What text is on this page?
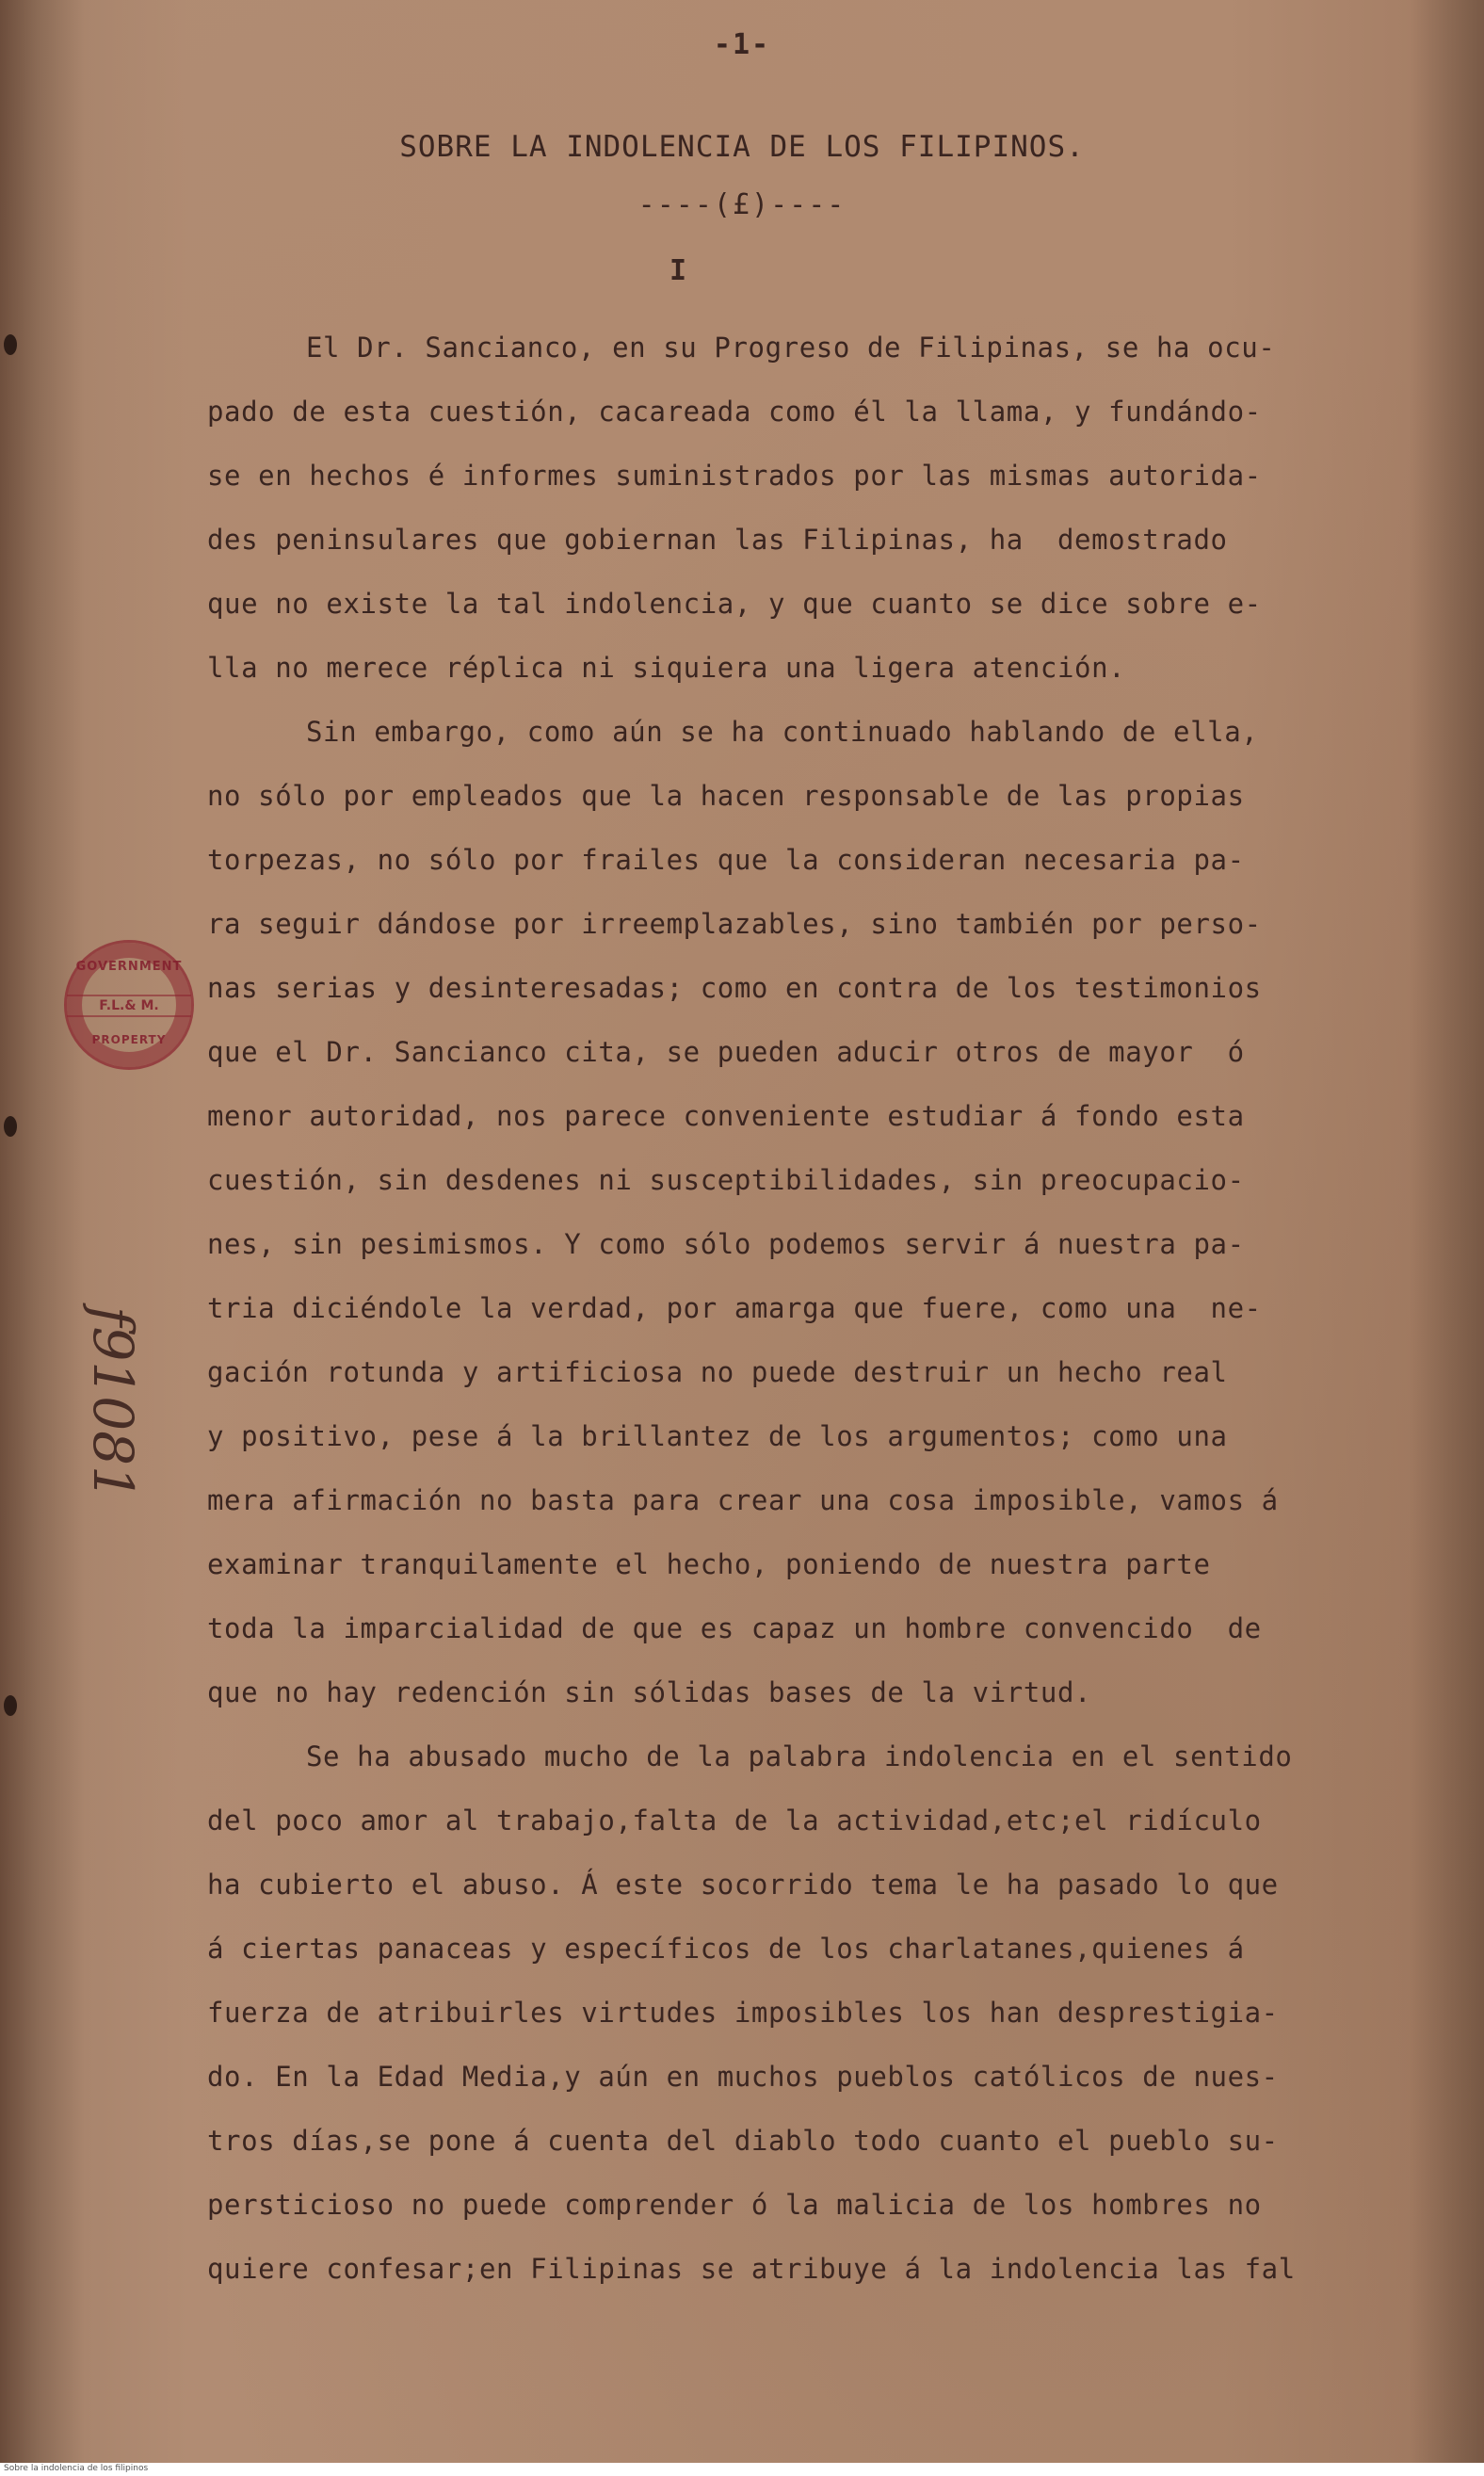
-1-
SOBRE LA INDOLENCIA DE LOS FILIPINOS.
----(£)----
I
El Dr. Sancianco, en su Progreso de Filipinas, se ha ocu-
pado de esta cuestión, cacareada como él la llama, y fundándo-
se en hechos é informes suministrados por las mismas autorida-
des peninsulares que gobiernan las Filipinas, ha  demostrado
que no existe la tal indolencia, y que cuanto se dice sobre e-
lla no merece réplica ni siquiera una ligera atención.
Sin embargo, como aún se ha continuado hablando de ella,
no sólo por empleados que la hacen responsable de las propias
torpezas, no sólo por frailes que la consideran necesaria pa-
ra seguir dándose por irreemplazables, sino también por perso-
nas serias y desinteresadas; como en contra de los testimonios
que el Dr. Sancianco cita, se pueden aducir otros de mayor  ó
menor autoridad, nos parece conveniente estudiar á fondo esta
cuestión, sin desdenes ni susceptibilidades, sin preocupacio-
nes, sin pesimismos. Y como sólo podemos servir á nuestra pa-
tria diciéndole la verdad, por amarga que fuere, como una  ne-
gación rotunda y artificiosa no puede destruir un hecho real
y positivo, pese á la brillantez de los argumentos; como una
mera afirmación no basta para crear una cosa imposible, vamos á
examinar tranquilamente el hecho, poniendo de nuestra parte
toda la imparcialidad de que es capaz un hombre convencido  de
que no hay redención sin sólidas bases de la virtud.
Se ha abusado mucho de la palabra indolencia en el sentido
del poco amor al trabajo,falta de la actividad,etc;el ridículo
ha cubierto el abuso. Á este socorrido tema le ha pasado lo que
á ciertas panaceas y específicos de los charlatanes,quienes á
fuerza de atribuirles virtudes imposibles los han desprestigia-
do. En la Edad Media,y aún en muchos pueblos católicos de nues-
tros días,se pone á cuenta del diablo todo cuanto el pueblo su-
persticioso no puede comprender ó la malicia de los hombres no
quiere confesar;en Filipinas se atribuye á la indolencia las fal
GOVERNMENT
F.L.& M.
PROPERTY
f91081
Sobre la indolencia de los filipinos
